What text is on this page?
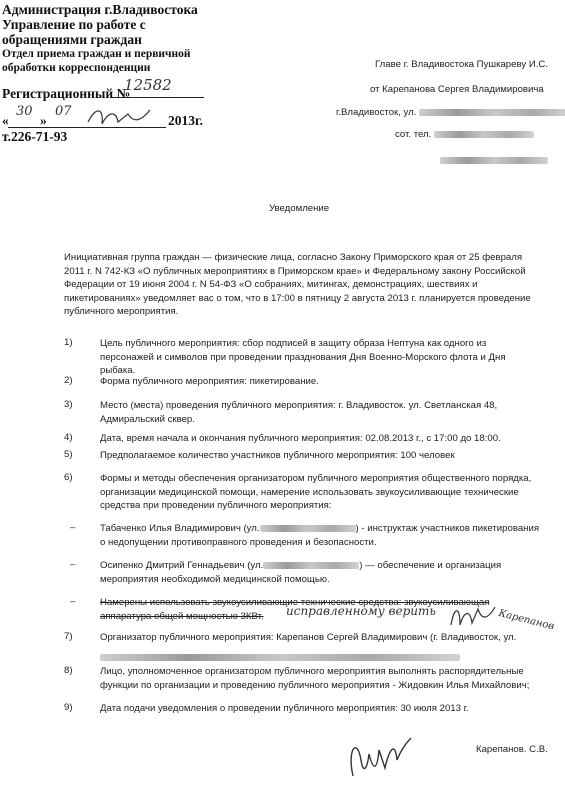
Администрация г.Владивостока
Управление по работе с
обращениями граждан
Отдел приема граждан и первичной
обработки корреспонденции
Регистрационный №
12582
«
30
»
07
2013г.
т.226-71-93
Главе г. Владивостока Пушкареву И.С.
от Карепанова Сергея Владимировича
г.Владивосток, ул.
сот. тел.
Уведомление
Инициативная группа граждан — физические лица, согласно Закону Приморского края от 25 февраля 2011 г. N 742-КЗ «О публичных мероприятиях в Приморском крае» и Федеральному закону Российской Федерации от 19 июня 2004 г. N 54-ФЗ «О собраниях, митингах, демонстрациях, шествиях и пикетированиях» уведомляет вас о том, что в 17:00 в пятницу 2 августа 2013 г. планируется проведение публичного мероприятия.
1)	Цель публичного мероприятия: сбор подписей в защиту образа Нептуна как одного из персонажей и символов при проведении празднования Дня Военно-Морского флота и Дня рыбака.
2)	Форма публичного мероприятия: пикетирование.
3)	Место (места) проведения публичного мероприятия: г. Владивосток. ул. Светланская 48, Адмиральский сквер.
4)	Дата, время начала и окончания публичного мероприятия: 02.08.2013 г., с 17:00 до 18:00.
5)	Предполагаемое количество участников публичного мероприятия: 100 человек
6)	Формы и методы обеспечения организатором публичного мероприятия общественного порядка, организации медицинской помощи, намерение использовать звукоусиливающие технические средства при проведении публичного мероприятия:
–	Табаченко Илья Владимирович (ул.	) - инструктаж участников пикетирования о недопущении противоправного проведения и безопасности.
–	Осипенко Дмитрий Геннадьевич (ул.	) — обеспечение и организация мероприятия необходимой медицинской помощью.
–	Намерены использовать звукоусиливающие технические средства: звукоусиливающая аппаратура общей мощностью 3КВт.	исправленному верить	Карепанов
7)	Организатор публичного мероприятия: Карепанов Сергей Владимирович (г. Владивосток, ул.
8)	Лицо, уполномоченное организатором публичного мероприятия выполнять распорядительные функции по организации и проведению публичного мероприятия - Жидовкин Илья Михайлович;
9)	Дата подачи уведомления о проведении публичного мероприятия: 30 июля 2013 г.
Карепанов. С.В.
